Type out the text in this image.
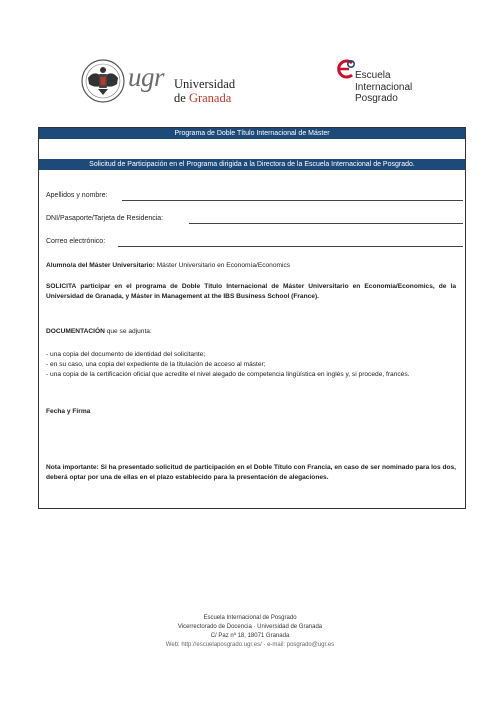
ugr Universidad
de Granada
Escuela
Internacional
Posgrado
Programa de Doble Título Internacional de Máster
Solicitud de Participación en el Programa dirigida a la Directora de la Escuela Internacional de Posgrado.
Apellidos y nombre:
DNI/Pasaporte/Tarjeta de Residencia:
Correo electrónico:
Alumno/a del Máster Universitario: Máster Universitario en Economía/Economics
SOLICITA participar en el programa de Doble Título Internacional de Máster Universitario en Economía/Economics, de la Universidad de Granada, y Máster in Management at the IBS Business School (France).
DOCUMENTACIÓN que se adjunta:
- una copia del documento de identidad del solicitante;
- en su caso, una copia del expediente de la titulación de acceso al máster;
- una copia de la certificación oficial que acredite el nivel alegado de competencia lingüística en inglés y, si procede, francés.
Fecha y Firma
Nota importante: Si ha presentado solicitud de participación en el Doble Título con Francia, en caso de ser nominado para los dos, deberá optar por una de ellas en el plazo establecido para la presentación de alegaciones.
Escuela Internacional de Posgrado
Vicerrectorado de Docencia · Universidad de Granada
C/ Paz nº 18, 18071 Granada
Web: http://escuelaposgrado.ugr.es/ · e-mail: posgrado@ugr.es
